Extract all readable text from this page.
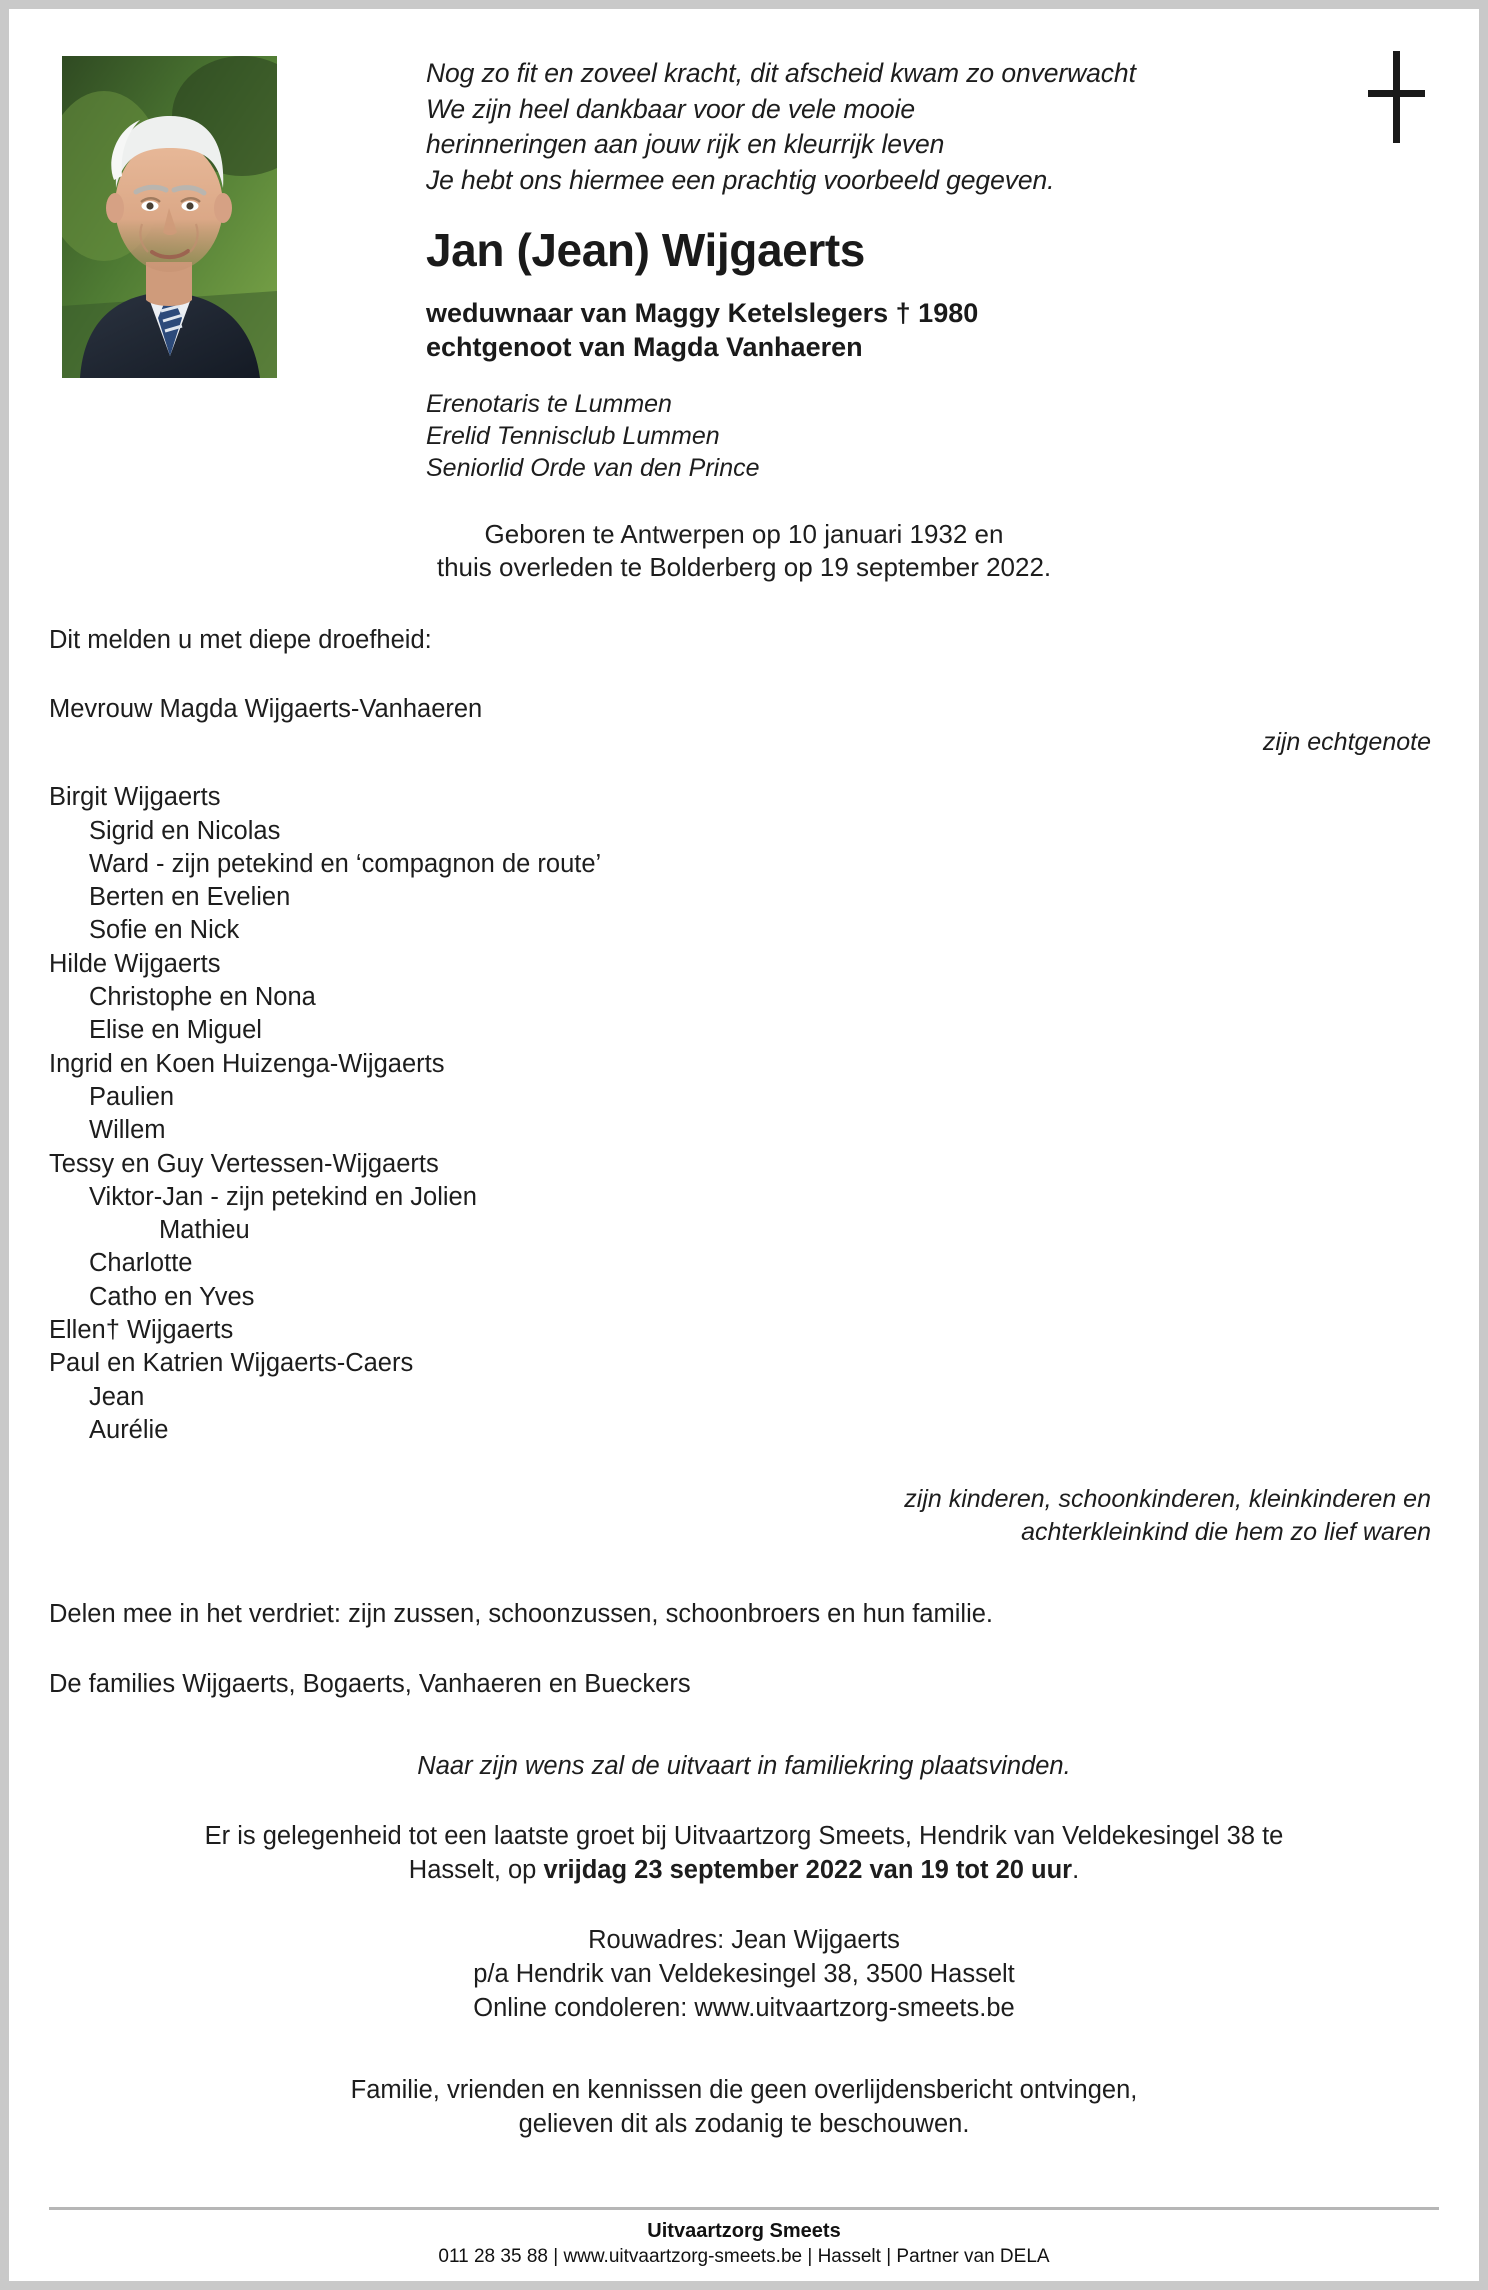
Nog zo fit en zoveel kracht, dit afscheid kwam zo onverwacht
We zijn heel dankbaar voor de vele mooie
herinneringen aan jouw rijk en kleurrijk leven
Je hebt ons hiermee een prachtig voorbeeld gegeven.
Jan (Jean) Wijgaerts
weduwnaar van Maggy Ketelslegers † 1980
echtgenoot van Magda Vanhaeren
Erenotaris te Lummen
Erelid Tennisclub Lummen
Seniorlid Orde van den Prince
Geboren te Antwerpen op 10 januari 1932 en
thuis overleden te Bolderberg op 19 september 2022.
Dit melden u met diepe droefheid:
Mevrouw Magda Wijgaerts-Vanhaeren
zijn echtgenote
Birgit Wijgaerts
Sigrid en Nicolas
Ward - zijn petekind en ‘compagnon de route’
Berten en Evelien
Sofie en Nick
Hilde Wijgaerts
Christophe en Nona
Elise en Miguel
Ingrid en Koen Huizenga-Wijgaerts
Paulien
Willem
Tessy en Guy Vertessen-Wijgaerts
Viktor-Jan - zijn petekind en Jolien
Mathieu
Charlotte
Catho en Yves
Ellen† Wijgaerts
Paul en Katrien Wijgaerts-Caers
Jean
Aurélie
zijn kinderen, schoonkinderen, kleinkinderen en
achterkleinkind die hem zo lief waren
Delen mee in het verdriet: zijn zussen, schoonzussen, schoonbroers en hun familie.
De families Wijgaerts, Bogaerts, Vanhaeren en Bueckers
Naar zijn wens zal de uitvaart in familiekring plaatsvinden.
Er is gelegenheid tot een laatste groet bij Uitvaartzorg Smeets, Hendrik van Veldekesingel 38 te
Hasselt, op vrijdag 23 september 2022 van 19 tot 20 uur.
Rouwadres: Jean Wijgaerts
p/a Hendrik van Veldekesingel 38, 3500 Hasselt
Online condoleren: www.uitvaartzorg-smeets.be
Familie, vrienden en kennissen die geen overlijdensbericht ontvingen,
gelieven dit als zodanig te beschouwen.
Uitvaartzorg Smeets
011 28 35 88 | www.uitvaartzorg-smeets.be | Hasselt | Partner van DELA
